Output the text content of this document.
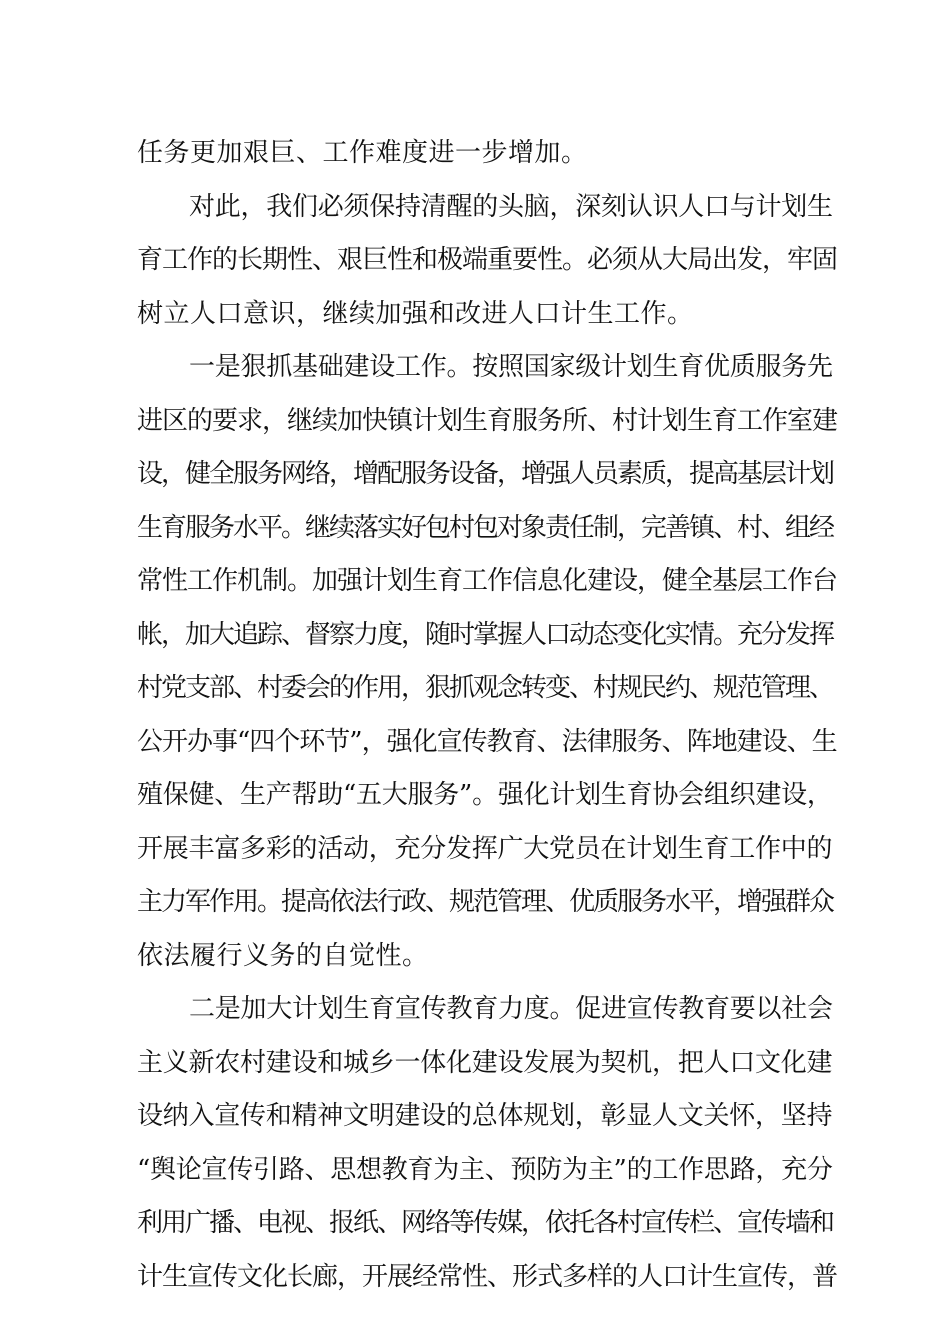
任务更加艰巨、工作难度进一步增加。
对此，我们必须保持清醒的头脑，深刻认识人口与计划生
育工作的长期性、艰巨性和极端重要性。必须从大局出发，牢固
树立人口意识，继续加强和改进人口计生工作。
一是狠抓基础建设工作。按照国家级计划生育优质服务先
进区的要求，继续加快镇计划生育服务所、村计划生育工作室建
设，健全服务网络，增配服务设备，增强人员素质，提高基层计划
生育服务水平。继续落实好包村包对象责任制，完善镇、村、组经
常性工作机制。加强计划生育工作信息化建设，健全基层工作台
帐，加大追踪、督察力度，随时掌握人口动态变化实情。充分发挥
村党支部、村委会的作用，狠抓观念转变、村规民约、规范管理、
公开办事“四个环节”，强化宣传教育、法律服务、阵地建设、生
殖保健、生产帮助“五大服务”。强化计划生育协会组织建设，
开展丰富多彩的活动，充分发挥广大党员在计划生育工作中的
主力军作用。提高依法行政、规范管理、优质服务水平，增强群众
依法履行义务的自觉性。
二是加大计划生育宣传教育力度。促进宣传教育要以社会
主义新农村建设和城乡一体化建设发展为契机，把人口文化建
设纳入宣传和精神文明建设的总体规划，彰显人文关怀，坚持
“舆论宣传引路、思想教育为主、预防为主”的工作思路，充分
利用广播、电视、报纸、网络等传媒，依托各村宣传栏、宣传墙和
计生宣传文化长廊，开展经常性、形式多样的人口计生宣传，普
